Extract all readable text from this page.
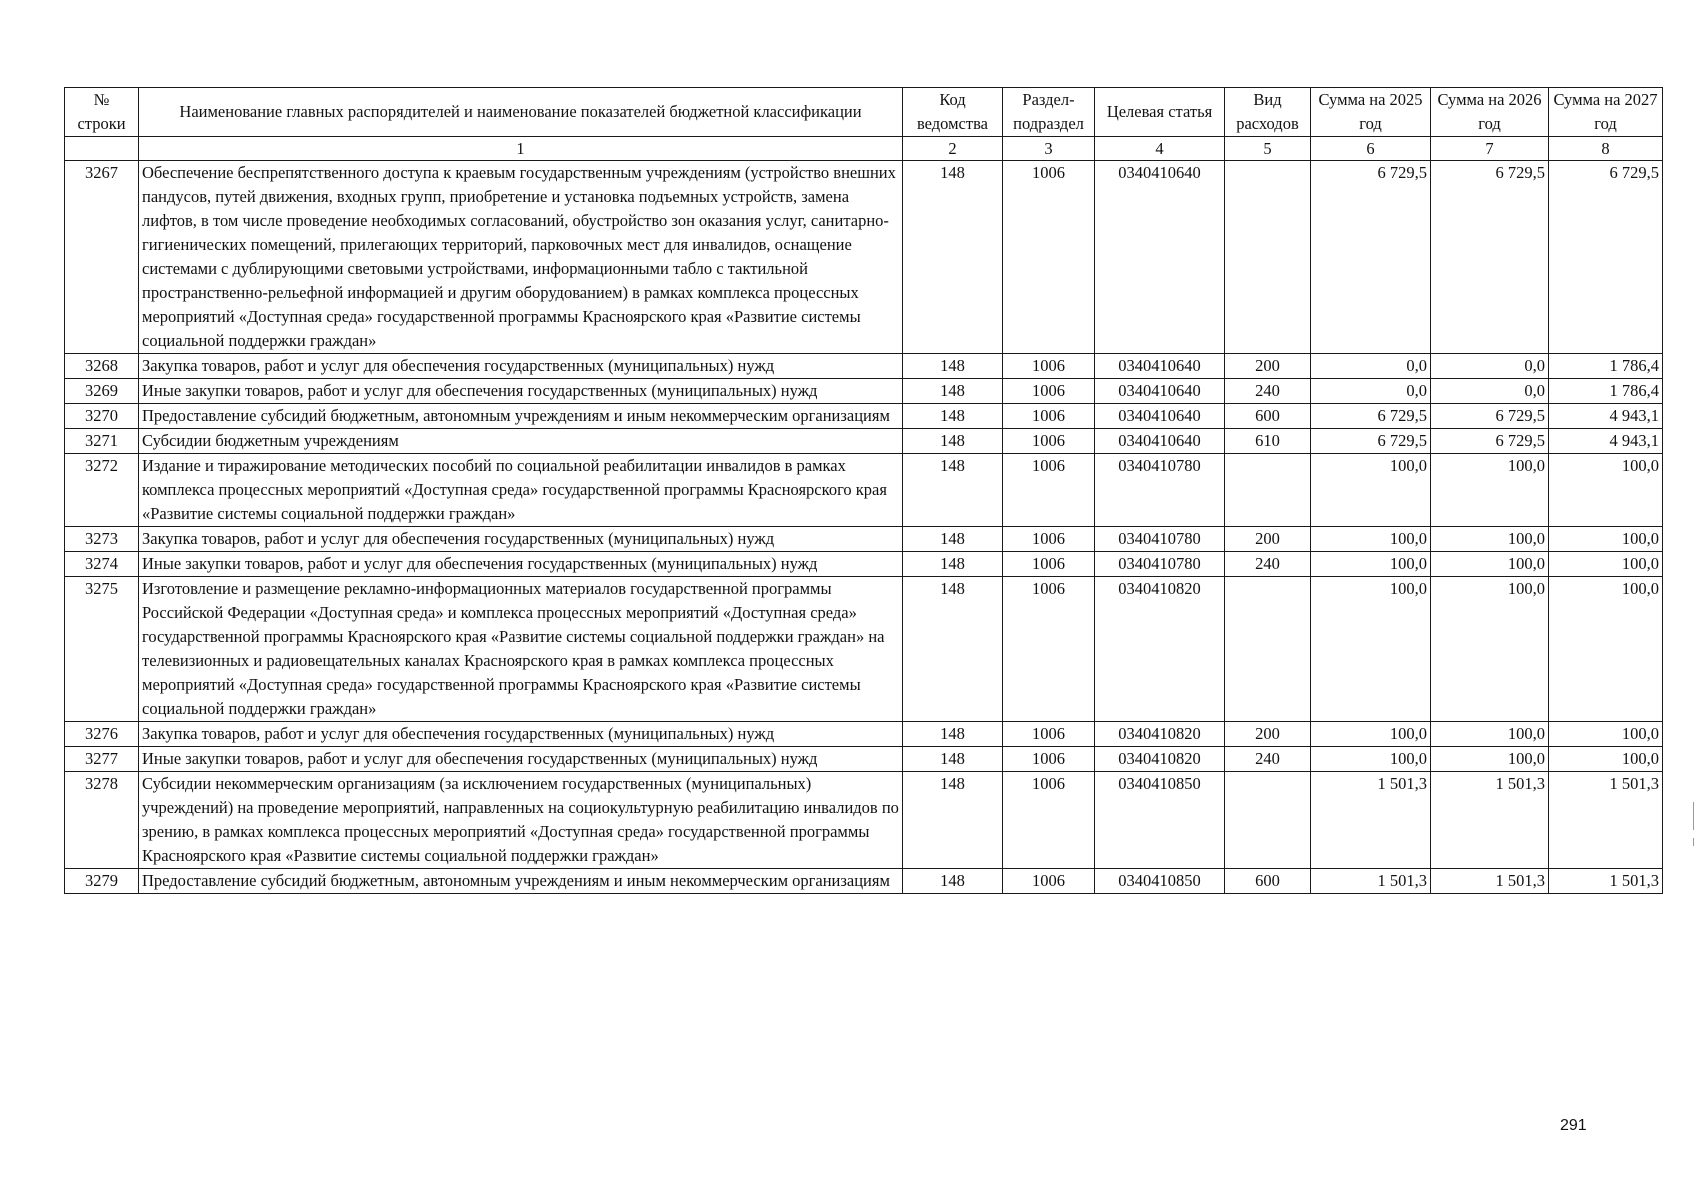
№ строки	Наименование главных распорядителей и наименование показателей бюджетной классификации	Код ведомства	Раздел-подраздел	Целевая статья	Вид расходов	Сумма на 2025 год	Сумма на 2026 год	Сумма на 2027 год
	1	2	3	4	5	6	7	8
3267	Обеспечение беспрепятственного доступа к краевым государственным учреждениям (устройство внешних пандусов, путей движения, входных групп, приобретение и установка подъемных устройств, замена лифтов, в том числе проведение необходимых согласований, обустройство зон оказания услуг, санитарно-гигиенических помещений, прилегающих территорий, парковочных мест для инвалидов, оснащение системами с дублирующими световыми устройствами, информационными табло с тактильной пространственно-рельефной информацией и другим оборудованием) в рамках комплекса процессных мероприятий «Доступная среда» государственной программы Красноярского края «Развитие системы социальной поддержки граждан»	148	1006	0340410640		6 729,5	6 729,5	6 729,5
3268	Закупка товаров, работ и услуг для обеспечения государственных (муниципальных) нужд	148	1006	0340410640	200	0,0	0,0	1 786,4
3269	Иные закупки товаров, работ и услуг для обеспечения государственных (муниципальных) нужд	148	1006	0340410640	240	0,0	0,0	1 786,4
3270	Предоставление субсидий бюджетным, автономным учреждениям и иным некоммерческим организациям	148	1006	0340410640	600	6 729,5	6 729,5	4 943,1
3271	Субсидии бюджетным учреждениям	148	1006	0340410640	610	6 729,5	6 729,5	4 943,1
3272	Издание и тиражирование методических пособий по социальной реабилитации инвалидов в рамках комплекса процессных мероприятий «Доступная среда» государственной программы Красноярского края «Развитие системы социальной поддержки граждан»	148	1006	0340410780		100,0	100,0	100,0
3273	Закупка товаров, работ и услуг для обеспечения государственных (муниципальных) нужд	148	1006	0340410780	200	100,0	100,0	100,0
3274	Иные закупки товаров, работ и услуг для обеспечения государственных (муниципальных) нужд	148	1006	0340410780	240	100,0	100,0	100,0
3275	Изготовление и размещение рекламно-информационных материалов государственной программы Российской Федерации «Доступная среда» и комплекса процессных мероприятий «Доступная среда» государственной программы Красноярского края «Развитие системы социальной поддержки граждан» на телевизионных и радиовещательных каналах Красноярского края в рамках комплекса процессных мероприятий «Доступная среда» государственной программы Красноярского края «Развитие системы социальной поддержки граждан»	148	1006	0340410820		100,0	100,0	100,0
3276	Закупка товаров, работ и услуг для обеспечения государственных (муниципальных) нужд	148	1006	0340410820	200	100,0	100,0	100,0
3277	Иные закупки товаров, работ и услуг для обеспечения государственных (муниципальных) нужд	148	1006	0340410820	240	100,0	100,0	100,0
3278	Субсидии некоммерческим организациям (за исключением государственных (муниципальных) учреждений) на проведение мероприятий, направленных на социокультурную реабилитацию инвалидов по зрению, в рамках комплекса процессных мероприятий «Доступная среда» государственной программы Красноярского края «Развитие системы социальной поддержки граждан»	148	1006	0340410850		1 501,3	1 501,3	1 501,3
3279	Предоставление субсидий бюджетным, автономным учреждениям и иным некоммерческим организациям	148	1006	0340410850	600	1 501,3	1 501,3	1 501,3
291
